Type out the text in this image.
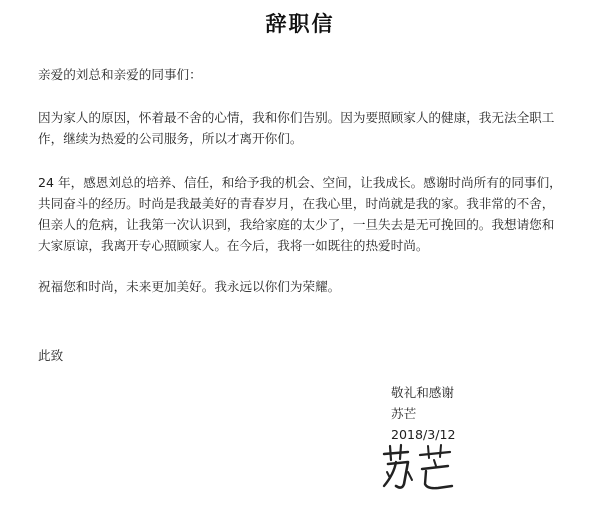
辞职信
亲爱的刘总和亲爱的同事们：
因为家人的原因，怀着最不舍的心情，我和你们告别。因为要照顾家人的健康，我无法全职工作，继续为热爱的公司服务，所以才离开你们。
24 年，感恩刘总的培养、信任，和给予我的机会、空间，让我成长。感谢时尚所有的同事们，共同奋斗的经历。时尚是我最美好的青春岁月，在我心里，时尚就是我的家。我非常的不舍，但亲人的危病，让我第一次认识到，我给家庭的太少了，一旦失去是无可挽回的。我想请您和大家原谅，我离开专心照顾家人。在今后，我将一如既往的热爱时尚。
祝福您和时尚，未来更加美好。我永远以你们为荣耀。
此致
敬礼和感谢
苏芒
2018/3/12
